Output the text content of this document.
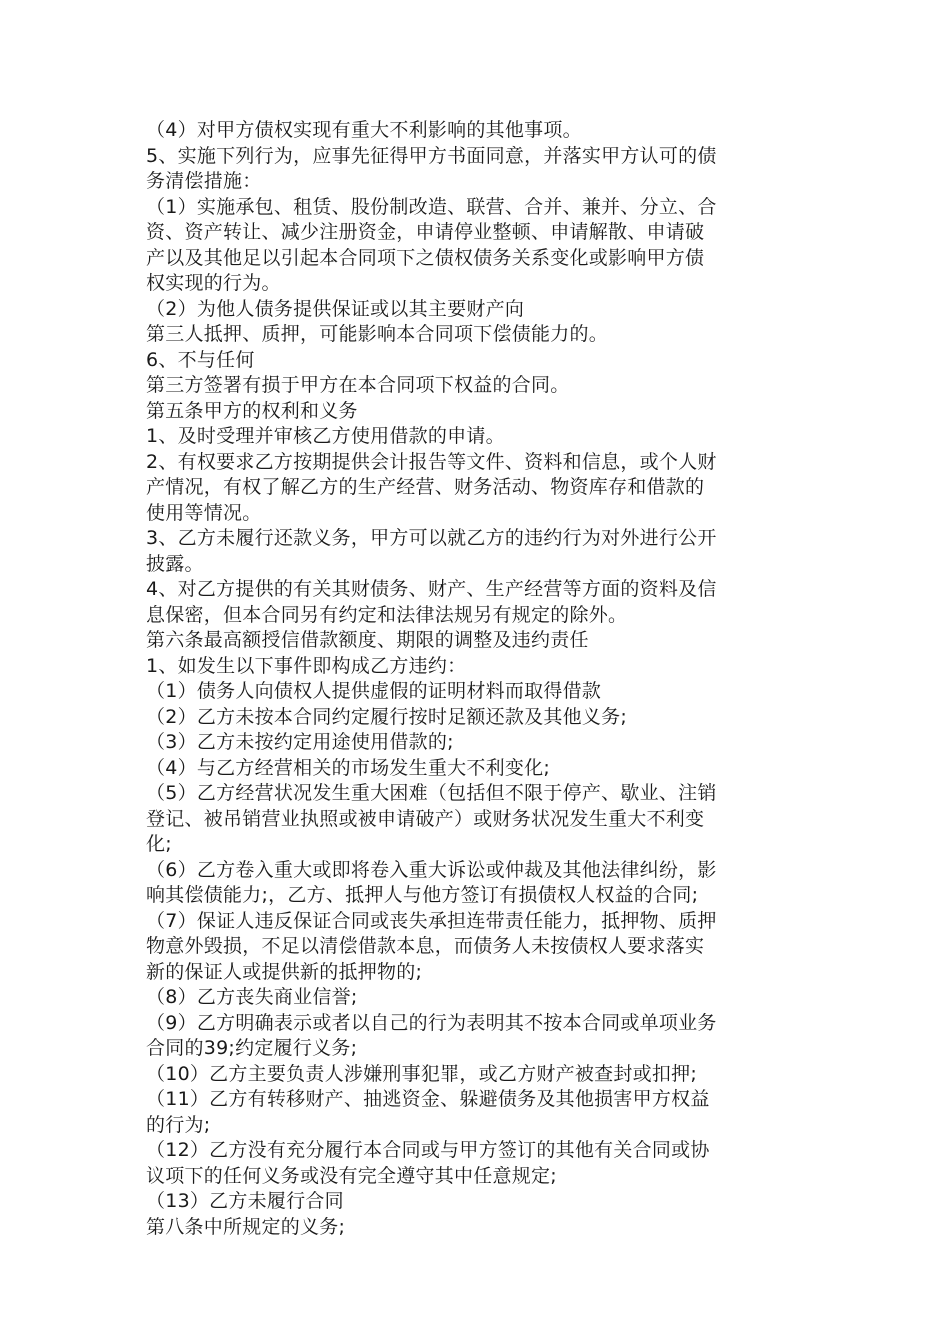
（4）对甲方债权实现有重大不利影响的其他事项。
5、实施下列行为，应事先征得甲方书面同意，并落实甲方认可的债
务清偿措施：
（1）实施承包、租赁、股份制改造、联营、合并、兼并、分立、合
资、资产转让、减少注册资金，申请停业整顿、申请解散、申请破
产以及其他足以引起本合同项下之债权债务关系变化或影响甲方债
权实现的行为。
（2）为他人债务提供保证或以其主要财产向
第三人抵押、质押，可能影响本合同项下偿债能力的。
6、不与任何
第三方签署有损于甲方在本合同项下权益的合同。
第五条甲方的权利和义务
1、及时受理并审核乙方使用借款的申请。
2、有权要求乙方按期提供会计报告等文件、资料和信息，或个人财
产情况，有权了解乙方的生产经营、财务活动、物资库存和借款的
使用等情况。
3、乙方未履行还款义务，甲方可以就乙方的违约行为对外进行公开
披露。
4、对乙方提供的有关其财债务、财产、生产经营等方面的资料及信
息保密，但本合同另有约定和法律法规另有规定的除外。
第六条最高额授信借款额度、期限的调整及违约责任
1、如发生以下事件即构成乙方违约：
（1）债务人向债权人提供虚假的证明材料而取得借款
（2）乙方未按本合同约定履行按时足额还款及其他义务;
（3）乙方未按约定用途使用借款的;
（4）与乙方经营相关的市场发生重大不利变化;
（5）乙方经营状况发生重大困难（包括但不限于停产、歇业、注销
登记、被吊销营业执照或被申请破产）或财务状况发生重大不利变
化;
（6）乙方卷入重大或即将卷入重大诉讼或仲裁及其他法律纠纷，影
响其偿债能力;，乙方、抵押人与他方签订有损债权人权益的合同;
（7）保证人违反保证合同或丧失承担连带责任能力，抵押物、质押
物意外毁损，不足以清偿借款本息，而债务人未按债权人要求落实
新的保证人或提供新的抵押物的;
（8）乙方丧失商业信誉;
（9）乙方明确表示或者以自己的行为表明其不按本合同或单项业务
合同的39;约定履行义务;
（10）乙方主要负责人涉嫌刑事犯罪，或乙方财产被查封或扣押;
（11）乙方有转移财产、抽逃资金、躲避债务及其他损害甲方权益
的行为;
（12）乙方没有充分履行本合同或与甲方签订的其他有关合同或协
议项下的任何义务或没有完全遵守其中任意规定;
（13）乙方未履行合同
第八条中所规定的义务;
